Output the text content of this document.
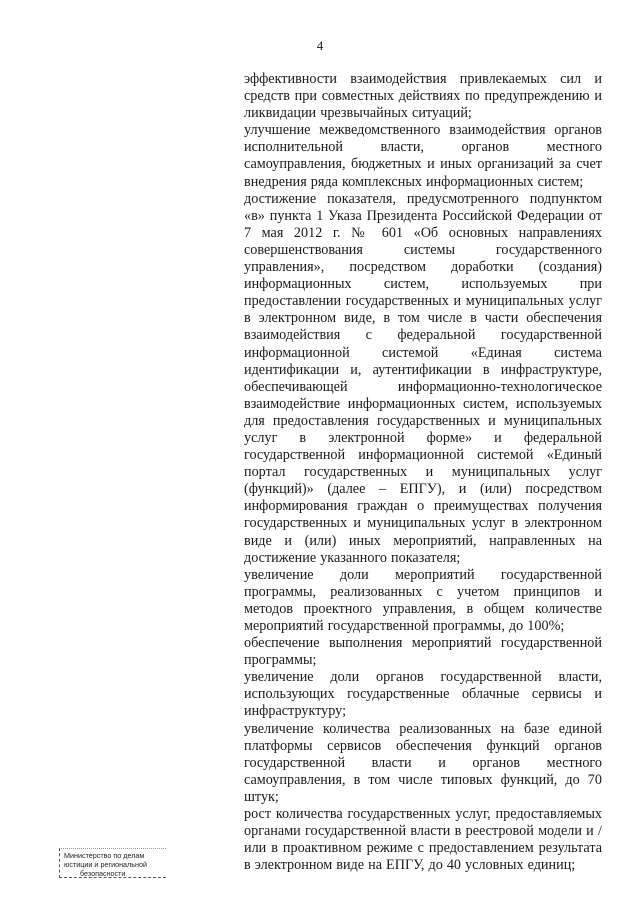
4

эффективности взаимодействия привлекаемых сил и средств при совместных действиях по предупреждению и ликвидации чрезвычайных ситуаций;

улучшение межведомственного взаимодействия органов исполнительной власти, органов местного самоуправления, бюджетных и иных организаций за счет внедрения ряда комплексных информационных систем;

достижение показателя, предусмотренного подпунктом «в» пункта 1 Указа Президента Российской Федерации от 7 мая 2012 г. № 601 «Об основных направлениях совершенствования системы государственного управления», посредством доработки (создания) информационных систем, используемых при предоставлении государственных и муниципальных услуг в электронном виде, в том числе в части обеспечения взаимодействия с федеральной государственной информационной системой «Единая система идентификации и, аутентификации в инфраструктуре, обеспечивающей информационно-технологическое взаимодействие информационных систем, используемых для предоставления государственных и муниципальных услуг в электронной форме» и федеральной государственной информационной системой «Единый портал государственных и муниципальных услуг (функций)» (далее – ЕПГУ), и (или) посредством информирования граждан о преимуществах получения государственных и муниципальных услуг в электронном виде и (или) иных мероприятий, направленных на достижение указанного показателя;

увеличение доли мероприятий государственной программы, реализованных с учетом принципов и методов проектного управления, в общем количестве мероприятий государственной программы, до 100%;

обеспечение выполнения мероприятий государственной программы;

увеличение доли органов государственной власти, использующих государственные облачные сервисы и инфраструктуру;

увеличение количества реализованных на базе единой платформы сервисов обеспечения функций органов государственной власти и органов местного самоуправления, в том числе типовых функций, до 70 штук;

рост количества государственных услуг, предоставляемых органами государственной власти в реестровой модели и /или в проактивном режиме с предоставлением результата в электронном виде на ЕПГУ, до 40 условных единиц;

Министерство по делам
юстиции и региональной
безопасности
